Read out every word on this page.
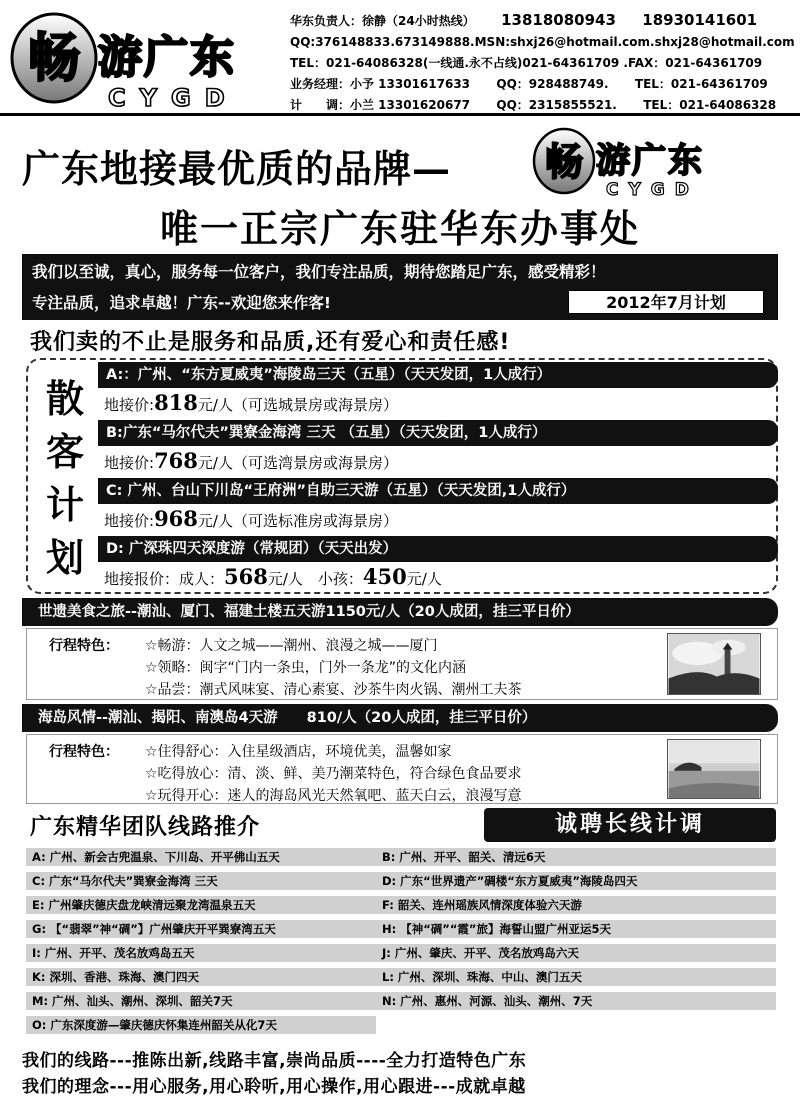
畅 游广东
CYGD
华东负责人：徐静（24小时热线） 13818080943 18930141601
QQ:376148833.673149888.MSN:shxj26@hotmail.com.shxj28@hotmail.com
TEL：021-64086328(一线通.永不占线)021-64361709 .FAX：021-64361709
业务经理：小予 13301617633 QQ：928488749. TEL：021-64361709
计　　调：小兰 13301620677 QQ：2315855521. TEL：021-64086328
广东地接最优质的品牌— 畅 游广东
CYGD
唯一正宗广东驻华东办事处
我们以至诚，真心，服务每一位客户，我们专注品质，期待您踏足广东，感受精彩！
专注品质，追求卓越！广东--欢迎您来作客!	2012年7月计划
我们卖的不止是服务和品质,还有爱心和责任感!
散
客
计
划
A:：广州、“东方夏威夷”海陵岛三天（五星）（天天发团，1人成行）
地接价:818元/人（可选城景房或海景房）
B:广东“马尔代夫”巽寮金海湾 三天 （五星）（天天发团，1人成行）
地接价:768元/人（可选湾景房或海景房）
C: 广州、台山下川岛“王府洲”自助三天游（五星）（天天发团,1人成行）
地接价:968元/人（可选标准房或海景房）
D: 广深珠四天深度游（常规团）（天天出发）
地接报价：成人：568元/人　小孩：450元/人
世遗美食之旅--潮汕、厦门、福建土楼五天游1150元/人（20人成团，挂三平日价）
行程特色： ☆畅游：人文之城——潮州、浪漫之城——厦门
☆领略：闽字“门内一条虫，门外一条龙”的文化内涵
☆品尝：潮式风味宴、清心素宴、沙茶牛肉火锅、潮州工夫茶
海岛风情--潮汕、揭阳、南澳岛4天游　　810/人（20人成团，挂三平日价）
行程特色： ☆住得舒心：入住星级酒店，环境优美，温馨如家
☆吃得放心：清、淡、鲜、美乃潮菜特色，符合绿色食品要求
☆玩得开心：迷人的海岛风光天然氧吧、蓝天白云，浪漫写意
广东精华团队线路推介	诚聘长线计调
A: 广州、新会古兜温泉、下川岛、开平佛山五天
C: 广东“马尔代夫”巽寮金海湾 三天
E: 广州肇庆德庆盘龙峡清远聚龙湾温泉五天
G: 【“翡翠”神“碉”】广州肇庆开平巽寮湾五天
I: 广州、开平、茂名放鸡岛五天
K: 深圳、香港、珠海、澳门四天
M: 广州、汕头、潮州、深圳、韶关7天
O: 广东深度游—肇庆德庆怀集连州韶关从化7天
B: 广州、开平、韶关、清远6天
D: 广东“世界遗产”碉楼“东方夏威夷”海陵岛四天
F: 韶关、连州瑶族风情深度体验六天游
H: 【神“碉”“霞”旅】海誓山盟广州亚运5天
J: 广州、肇庆、开平、茂名放鸡岛六天
L: 广州、深圳、珠海、中山、澳门五天
N: 广州、惠州、河源、汕头、潮州、7天
我们的线路---推陈出新,线路丰富,崇尚品质----全力打造特色广东
我们的理念---用心服务,用心聆听,用心操作,用心跟进---成就卓越
